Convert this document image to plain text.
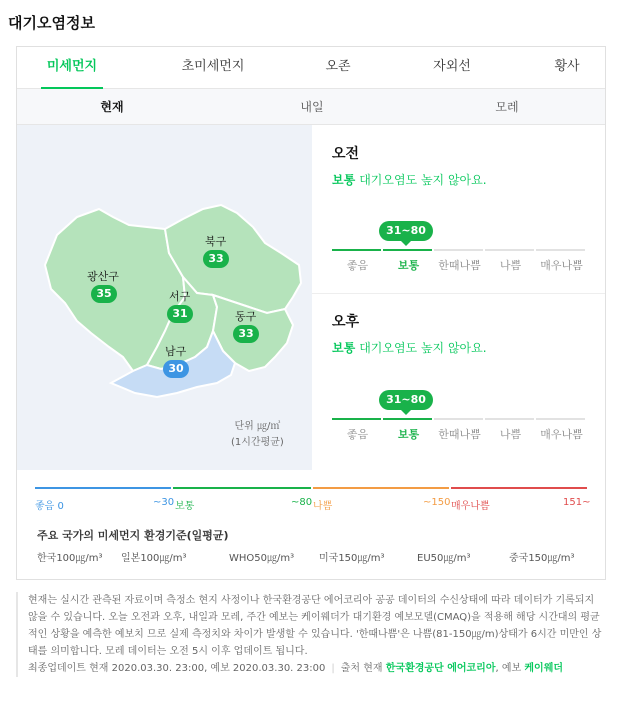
대기오염정보
미세먼지	초미세먼지	오존	자외선	황사
현재	내일	모레
광산구
35
북구
33
서구
31	동구
33
남구
30
단위 ㎍/㎥
(1시간평균)
오전
보통 대기오염도 높지 않아요.
31~80
좋음	보통	한때나쁨	나쁨	매우나쁨
오후
보통 대기오염도 높지 않아요.
31~80
좋음	보통	한때나쁨	나쁨	매우나쁨
좋음 0	~30 보통	~80 나쁨	~150 매우나쁨	151~
주요 국가의 미세먼지 환경기준(일평균)
한국100㎍/m³ 일본100㎍/m³	WHO50㎍/m³ 미국150㎍/m³	EU50㎍/m³	중국150㎍/m³
현재는 실시간 관측된 자료이며 측정소 현지 사정이나 한국환경공단 에어코리아 공공 데이터의 수신상태에 따라 데이터가 기록되지 않을 수 있습니다. 오늘 오전과 오후, 내일과 모레, 주간 예보는 케이웨더가 대기환경 예보모델(CMAQ)을 적용해 해당 시간대의 평균적인 상황을 예측한 예보치 므로 실제 측정치와 차이가 발생할 수 있습니다. '한때나쁨'은 나쁨(81-150㎍/m)상태가 6시간 미만인 상태를 의미합니다. 모레 데이터는 오전 5시 이후 업데이트 됩니다.
최종업데이트 현재 2020.03.30. 23:00, 예보 2020.03.30. 23:00 | 출처 현재 한국환경공단 에어코리아, 예보 케이웨더
